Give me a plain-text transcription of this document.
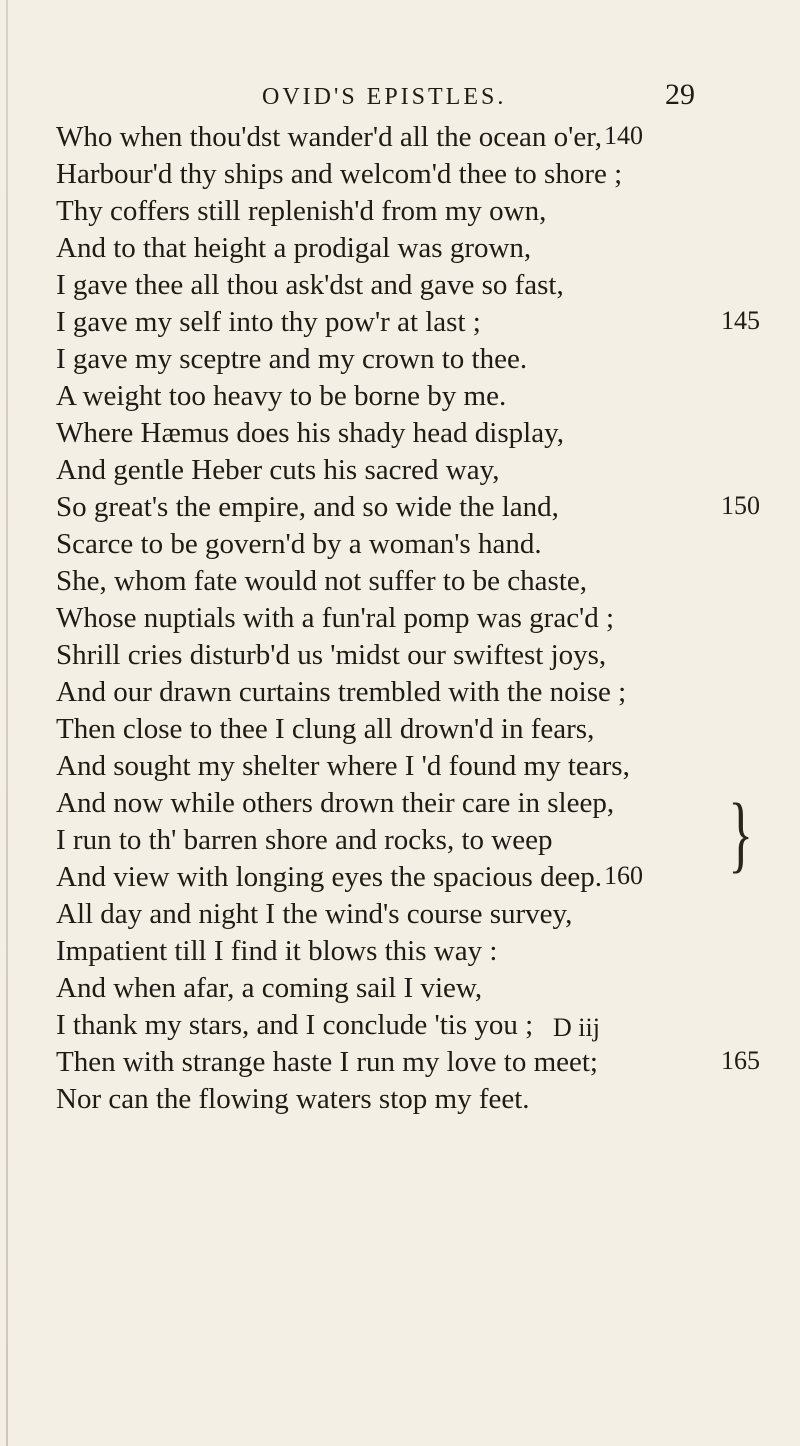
OVID'S EPISTLES.	29
Who when thou'dst wander'd all the ocean o'er, 140
Harbour'd thy ships and welcom'd thee to shore ;
Thy coffers still replenish'd from my own,
And to that height a prodigal was grown,
I gave thee all thou ask'dst and gave so fast,
I gave my self into thy pow'r at last ;	145
I gave my sceptre and my crown to thee.
A weight too heavy to be borne by me.
Where Hæmus does his shady head display,
And gentle Heber cuts his sacred way,
So great's the empire, and so wide the land,	150
Scarce to be govern'd by a woman's hand.
She, whom fate would not suffer to be chaste,
Whose nuptials with a fun'ral pomp was grac'd ;
Shrill cries disturb'd us 'midst our swiftest joys,
And our drawn curtains trembled with the noise ;
Then close to thee I clung all drown'd in fears,
And sought my shelter where I 'd found my tears,
And now while others drown their care in sleep,
I run to th' barren shore and rocks, to weep
And view with longing eyes the spacious deep. 160
All day and night I the wind's course survey,
Impatient till I find it blows this way :
And when afar, a coming sail I view,
I thank my stars, and I conclude 'tis you ;
Then with strange haste I run my love to meet;	165
Nor can the flowing waters stop my feet.
}
D iij
